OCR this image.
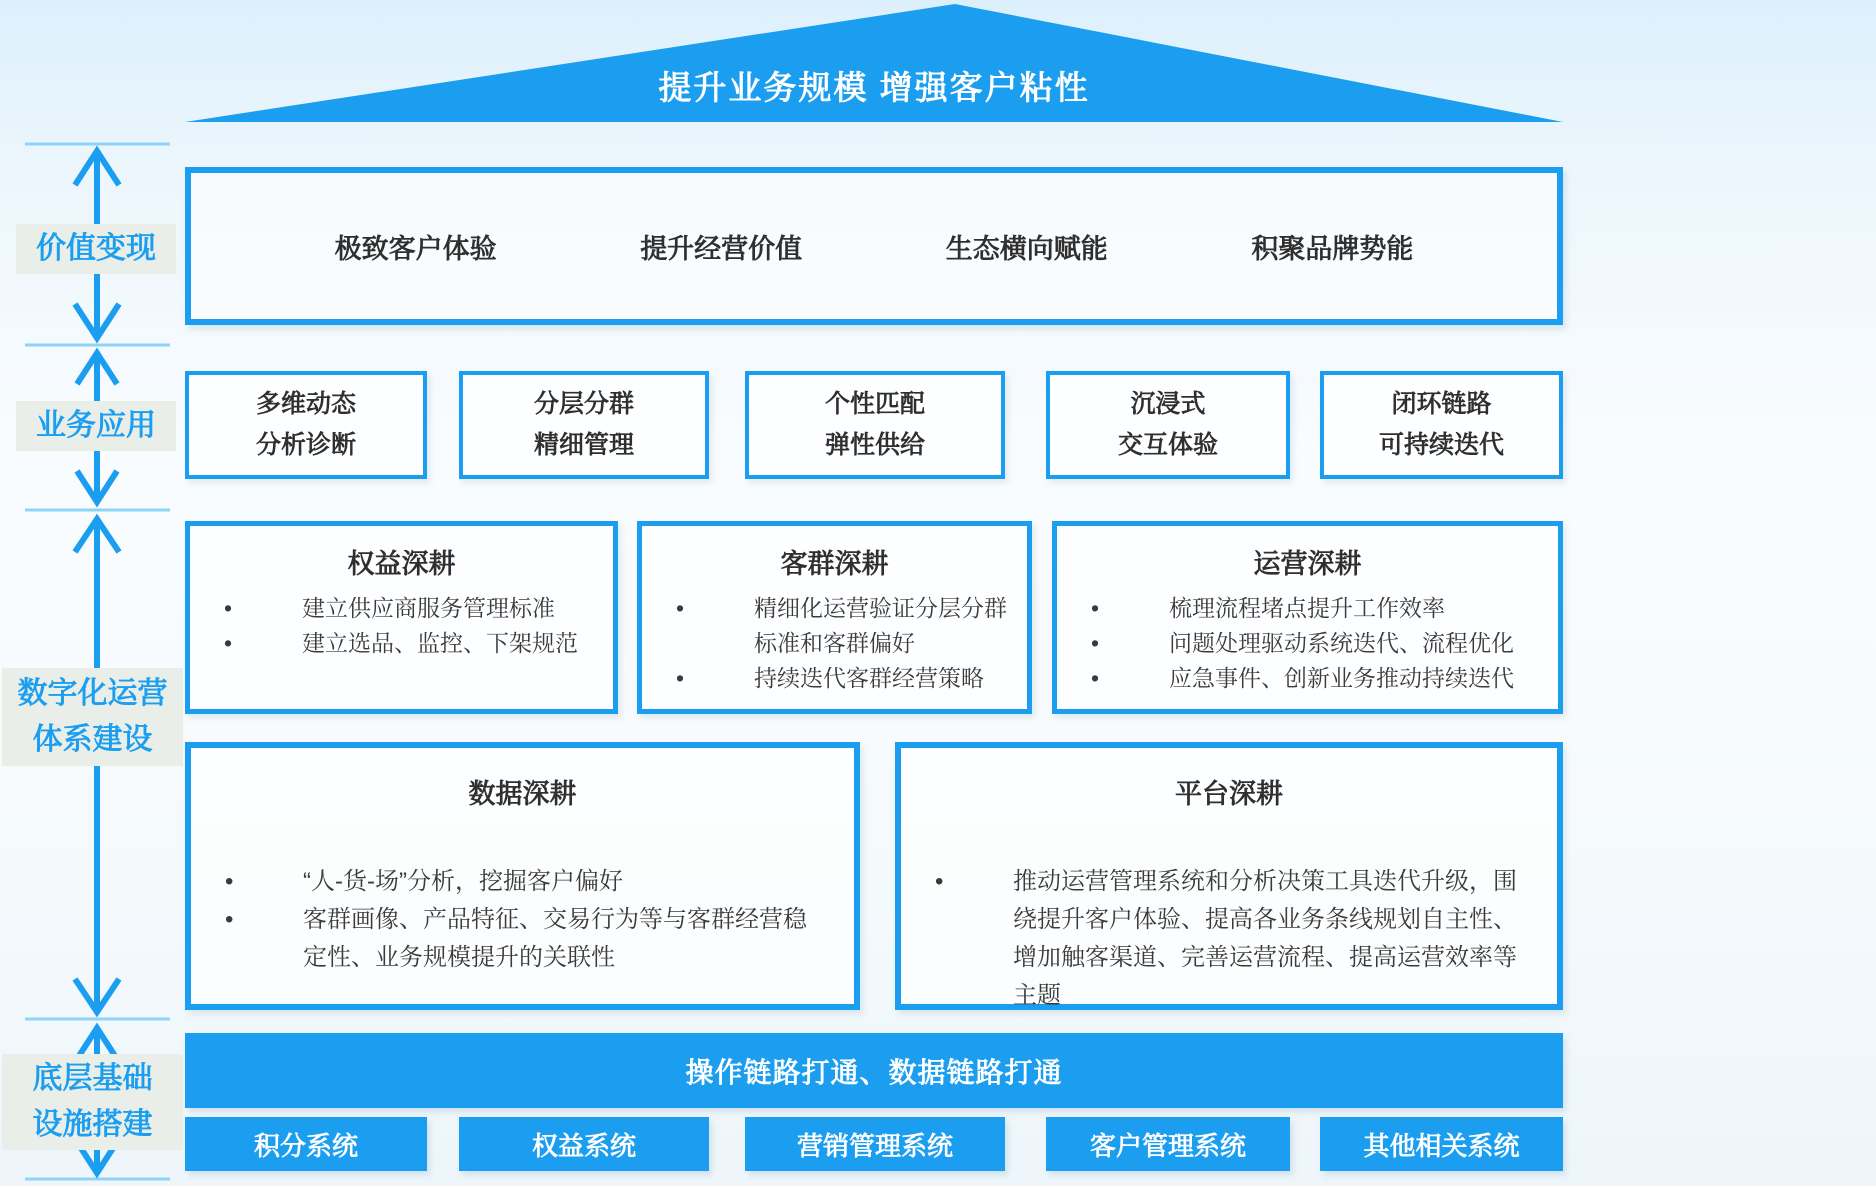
价值变现
业务应用
数字化运营
体系建设
底层基础
设施搭建
提升业务规模 增强客户粘性
极致客户体验	提升经营价值	生态横向赋能	积聚品牌势能
多维动态
分析诊断
分层分群
精细管理
个性匹配
弹性供给
沉浸式
交互体验
闭环链路
可持续迭代
权益深耕
• 建立供应商服务管理标准
• 建立选品、监控、下架规范
客群深耕
• 精细化运营验证分层分群标准和客群偏好
• 持续迭代客群经营策略
运营深耕
• 梳理流程堵点提升工作效率
• 问题处理驱动系统迭代、流程优化
• 应急事件、创新业务推动持续迭代
数据深耕
• “人-货-场”分析，挖掘客户偏好
• 客群画像、产品特征、交易行为等与客群经营稳定性、业务规模提升的关联性
平台深耕
• 推动运营管理系统和分析决策工具迭代升级，围绕提升客户体验、提高各业务条线规划自主性、增加触客渠道、完善运营流程、提高运营效率等主题
操作链路打通、数据链路打通
积分系统	权益系统	营销管理系统	客户管理系统	其他相关系统
